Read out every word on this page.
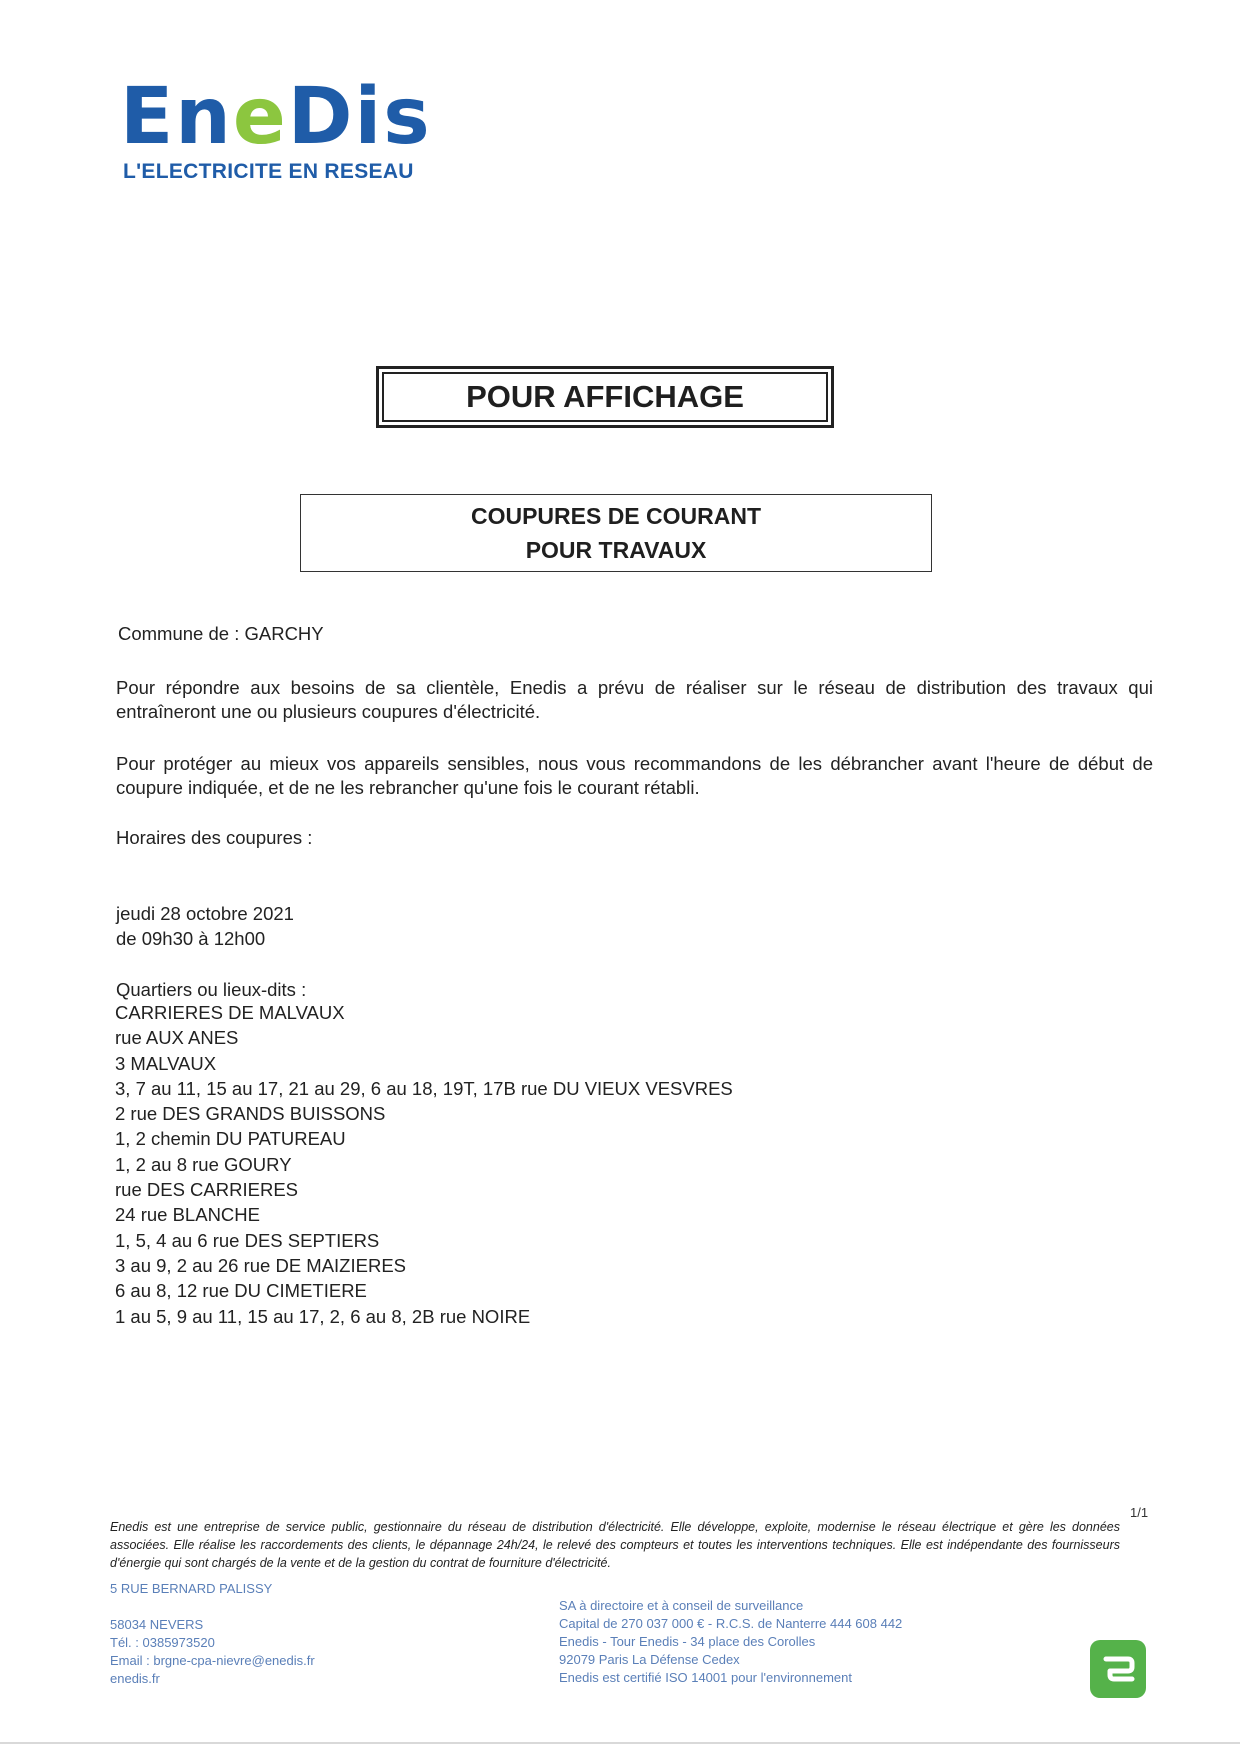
EneDis
L'ELECTRICITE EN RESEAU
POUR AFFICHAGE
COUPURES DE COURANT
POUR TRAVAUX
Commune de : GARCHY
Pour répondre aux besoins de sa clientèle, Enedis a prévu de réaliser sur le réseau de distribution des travaux qui entraîneront une ou plusieurs coupures d'électricité.
Pour protéger au mieux vos appareils sensibles, nous vous recommandons de les débrancher avant l'heure de début de coupure indiquée, et de ne les rebrancher qu'une fois le courant rétabli.
Horaires des coupures :
jeudi 28 octobre 2021
de 09h30 à 12h00
Quartiers ou lieux-dits :
CARRIERES DE MALVAUX
rue AUX ANES
3 MALVAUX
3, 7 au 11, 15 au 17, 21 au 29, 6 au 18, 19T, 17B rue DU VIEUX VESVRES
2 rue DES GRANDS BUISSONS
1, 2 chemin DU PATUREAU
1, 2 au 8 rue GOURY
rue DES CARRIERES
24 rue BLANCHE
1, 5, 4 au 6 rue DES SEPTIERS
3 au 9, 2 au 26 rue DE MAIZIERES
6 au 8, 12 rue DU CIMETIERE
1 au 5, 9 au 11, 15 au 17, 2, 6 au 8, 2B rue NOIRE
1/1
Enedis est une entreprise de service public, gestionnaire du réseau de distribution d'électricité. Elle développe, exploite, modernise le réseau électrique et gère les données associées. Elle réalise les raccordements des clients, le dépannage 24h/24, le relevé des compteurs et toutes les interventions techniques. Elle est indépendante des fournisseurs d'énergie qui sont chargés de la vente et de la gestion du contrat de fourniture d'électricité.
5 RUE BERNARD PALISSY
58034 NEVERS
Tél. : 0385973520
Email : brgne-cpa-nievre@enedis.fr
enedis.fr
SA à directoire et à conseil de surveillance
Capital de 270 037 000 € - R.C.S. de Nanterre 444 608 442
Enedis - Tour Enedis - 34 place des Corolles
92079 Paris La Défense Cedex
Enedis est certifié ISO 14001 pour l'environnement
